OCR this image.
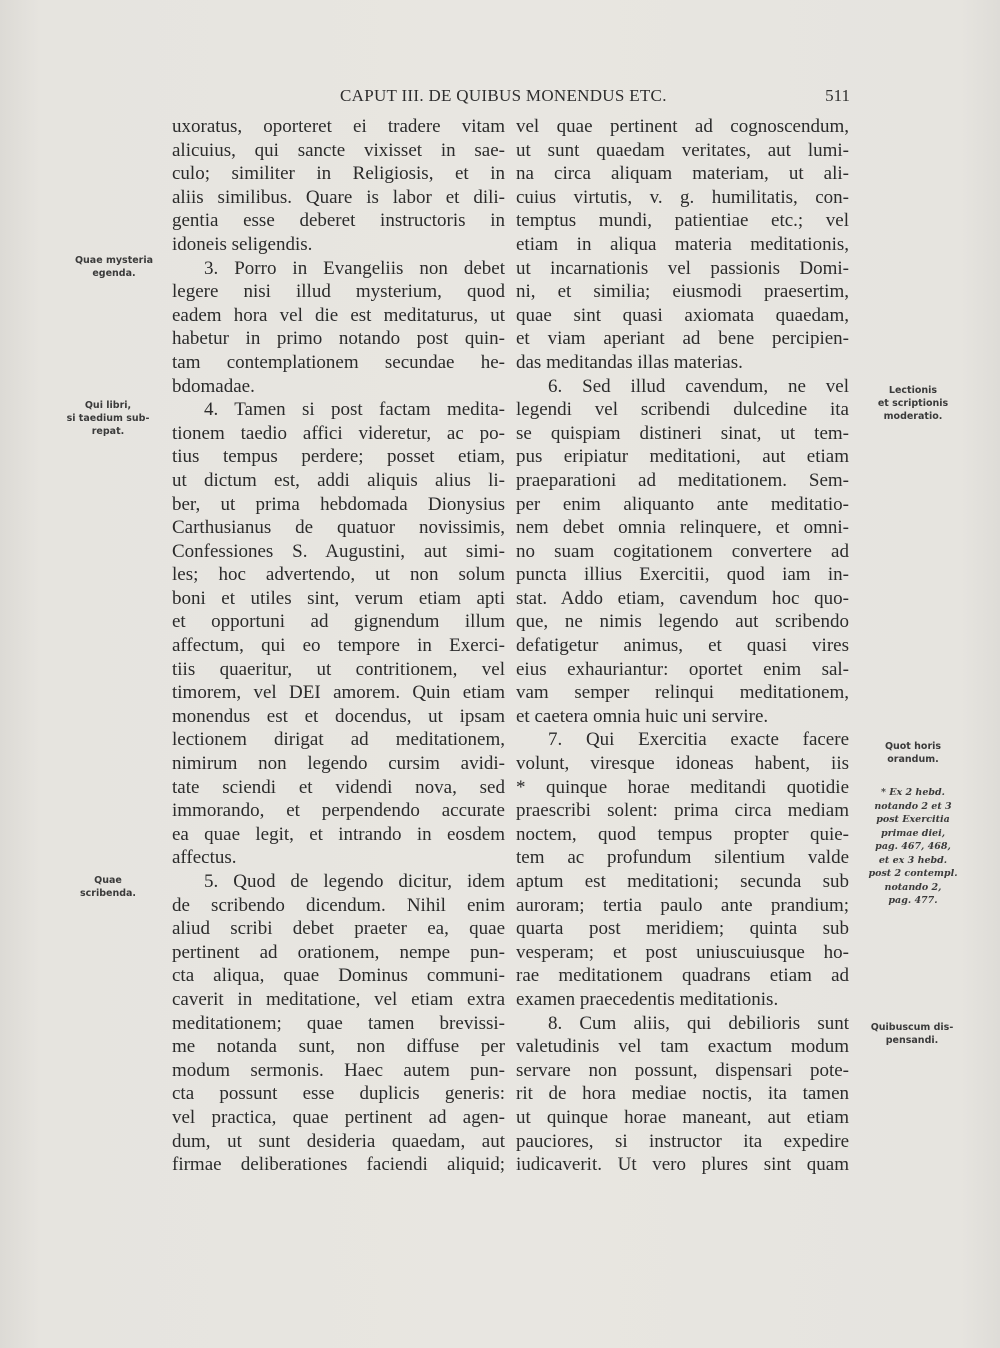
CAPUT III. DE QUIBUS MONENDUS ETC.	511
uxoratus, oporteret ei tradere vitam
alicuius, qui sancte vixisset in sae-
culo; similiter in Religiosis, et in
aliis similibus. Quare is labor et dili-
gentia esse deberet instructoris in
idoneis seligendis.
3. Porro in Evangeliis non debet
legere nisi illud mysterium, quod
eadem hora vel die est meditaturus, ut
habetur in primo notando post quin-
tam contemplationem secundae he-
bdomadae.
4. Tamen si post factam medita-
tionem taedio affici videretur, ac po-
tius tempus perdere; posset etiam,
ut dictum est, addi aliquis alius li-
ber, ut prima hebdomada Dionysius
Carthusianus de quatuor novissimis,
Confessiones S. Augustini, aut simi-
les; hoc advertendo, ut non solum
boni et utiles sint, verum etiam apti
et opportuni ad gignendum illum
affectum, qui eo tempore in Exerci-
tiis quaeritur, ut contritionem, vel
timorem, vel DEI amorem. Quin etiam
monendus est et docendus, ut ipsam
lectionem dirigat ad meditationem,
nimirum non legendo cursim avidi-
tate sciendi et videndi nova, sed
immorando, et perpendendo accurate
ea quae legit, et intrando in eosdem
affectus.
5. Quod de legendo dicitur, idem
de scribendo dicendum. Nihil enim
aliud scribi debet praeter ea, quae
pertinent ad orationem, nempe pun-
cta aliqua, quae Dominus communi-
caverit in meditatione, vel etiam extra
meditationem; quae tamen brevissi-
me notanda sunt, non diffuse per
modum sermonis. Haec autem pun-
cta possunt esse duplicis generis:
vel practica, quae pertinent ad agen-
dum, ut sunt desideria quaedam, aut
firmae deliberationes faciendi aliquid;
vel quae pertinent ad cognoscendum,
ut sunt quaedam veritates, aut lumi-
na circa aliquam materiam, ut ali-
cuius virtutis, v. g. humilitatis, con-
temptus mundi, patientiae etc.; vel
etiam in aliqua materia meditationis,
ut incarnationis vel passionis Domi-
ni, et similia; eiusmodi praesertim,
quae sint quasi axiomata quaedam,
et viam aperiant ad bene percipien-
das meditandas illas materias.
6. Sed illud cavendum, ne vel
legendi vel scribendi dulcedine ita
se quispiam distineri sinat, ut tem-
pus eripiatur meditationi, aut etiam
praeparationi ad meditationem. Sem-
per enim aliquanto ante meditatio-
nem debet omnia relinquere, et omni-
no suam cogitationem convertere ad
puncta illius Exercitii, quod iam in-
stat. Addo etiam, cavendum hoc quo-
que, ne nimis legendo aut scribendo
defatigetur animus, et quasi vires
eius exhauriantur: oportet enim sal-
vam semper relinqui meditationem,
et caetera omnia huic uni servire.
7. Qui Exercitia exacte facere
volunt, viresque idoneas habent, iis
* quinque horae meditandi quotidie
praescribi solent: prima circa mediam
noctem, quod tempus propter quie-
tem ac profundum silentium valde
aptum est meditationi; secunda sub
auroram; tertia paulo ante prandium;
quarta post meridiem; quinta sub
vesperam; et post uniuscuiusque ho-
rae meditationem quadrans etiam ad
examen praecedentis meditationis.
8. Cum aliis, qui debilioris sunt
valetudinis vel tam exactum modum
servare non possunt, dispensari pote-
rit de hora mediae noctis, ita tamen
ut quinque horae maneant, aut etiam
pauciores, si instructor ita expedire
iudicaverit. Ut vero plures sint quam
Quae mysteria
egenda.
Qui libri,
si taedium sub-
repat.
Quae
scribenda.
Lectionis
et scriptionis
moderatio.
Quot horis
orandum.
* Ex 2 hebd.
notando 2 et 3
post Exercitia
primae diei,
pag. 467, 468,
et ex 3 hebd.
post 2 contempl.
notando 2,
pag. 477.
Quibuscum dis-
pensandi.
